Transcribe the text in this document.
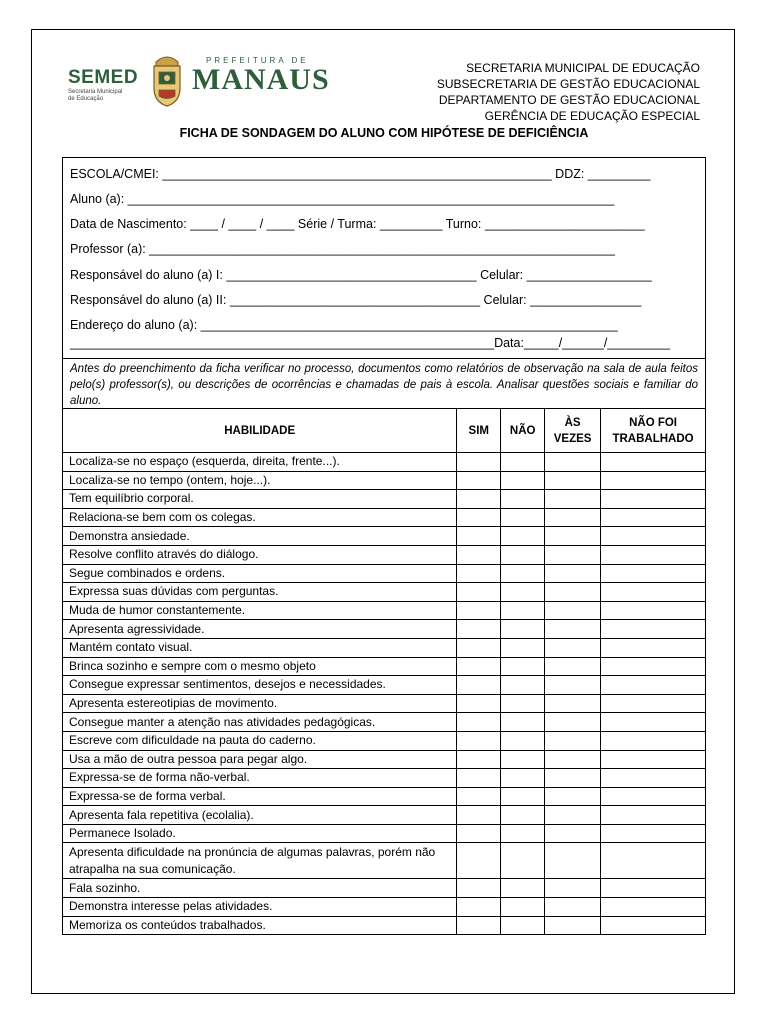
SEMED
Secretaria Municipal de Educação
PREFEITURA DE
MANAUS	SECRETARIA MUNICIPAL DE EDUCAÇÃO
SUBSECRETARIA DE GESTÃO EDUCACIONAL
DEPARTAMENTO DE GESTÃO EDUCACIONAL
GERÊNCIA DE EDUCAÇÃO ESPECIAL
FICHA DE SONDAGEM DO ALUNO COM HIPÓTESE DE DEFICIÊNCIA
ESCOLA/CMEI: ________________________________________________________ DDZ: _________
Aluno (a): ______________________________________________________________________
Data de Nascimento: ____ / ____ / ____ Série / Turma: _________ Turno: _______________________
Professor (a): ___________________________________________________________________
Responsável do aluno (a) I: ____________________________________ Celular: __________________
Responsável do aluno (a) II: ____________________________________ Celular: ________________
Endereço do aluno (a): ____________________________________________________________
_____________________________________________________________Data:_____/______/_________
Antes do preenchimento da ficha verificar no processo, documentos como relatórios de observação na sala de aula feitos pelo(s) professor(s), ou descrições de ocorrências e chamadas de pais à escola. Analisar questões sociais e familiar do aluno.
HABILIDADE	SIM	NÃO	ÀS VEZES	NÃO FOI TRABALHADO
Localiza-se no espaço (esquerda, direita, frente...).				
Localiza-se no tempo (ontem, hoje...).				
Tem equilíbrio corporal.				
Relaciona-se bem com os colegas.				
Demonstra ansiedade.				
Resolve conflito através do diálogo.				
Segue combinados e ordens.				
Expressa suas dúvidas com perguntas.				
Muda de humor constantemente.				
Apresenta agressividade.				
Mantém contato visual.				
Brinca sozinho e sempre com o mesmo objeto				
Consegue expressar sentimentos, desejos e necessidades.				
Apresenta estereotipias de movimento.				
Consegue manter a atenção nas atividades pedagógicas.				
Escreve com dificuldade na pauta do caderno.				
Usa a mão de outra pessoa para pegar algo.				
Expressa-se de forma não-verbal.				
Expressa-se de forma verbal.				
Apresenta fala repetitiva (ecolalia).				
Permanece Isolado.				
Apresenta dificuldade na pronúncia de algumas palavras, porém não atrapalha na sua comunicação.				
Fala sozinho.				
Demonstra interesse pelas atividades.				
Memoriza os conteúdos trabalhados.				
